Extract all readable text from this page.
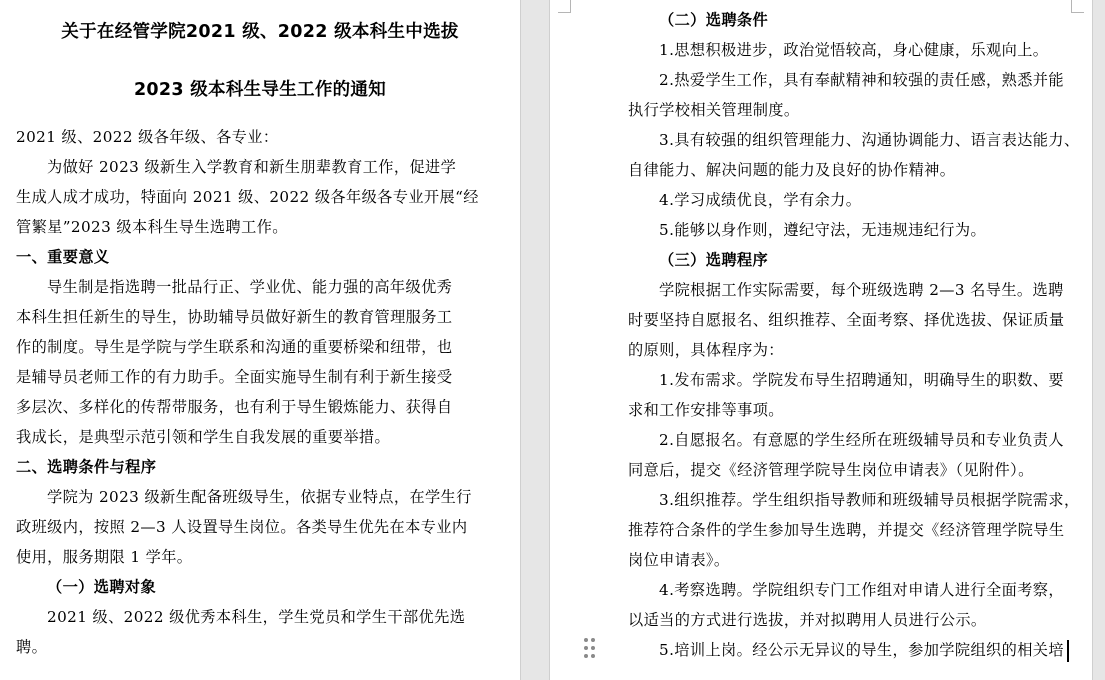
关于在经管学院2021 级、2022 级本科生中选拔
2023 级本科生导生工作的通知
2021 级、2022 级各年级、各专业：
为做好 2023 级新生入学教育和新生朋辈教育工作，促进学
生成人成才成功，特面向 2021 级、2022 级各年级各专业开展“经
管繁星”2023 级本科生导生选聘工作。
一、重要意义
导生制是指选聘一批品行正、学业优、能力强的高年级优秀
本科生担任新生的导生，协助辅导员做好新生的教育管理服务工
作的制度。导生是学院与学生联系和沟通的重要桥梁和纽带，也
是辅导员老师工作的有力助手。全面实施导生制有利于新生接受
多层次、多样化的传帮带服务，也有利于导生锻炼能力、获得自
我成长，是典型示范引领和学生自我发展的重要举措。
二、选聘条件与程序
学院为 2023 级新生配备班级导生，依据专业特点，在学生行
政班级内，按照 2—3 人设置导生岗位。各类导生优先在本专业内
使用，服务期限 1 学年。
（一）选聘对象
2021 级、2022 级优秀本科生，学生党员和学生干部优先选
聘。
（二）选聘条件
1.思想积极进步，政治觉悟较高，身心健康，乐观向上。
2.热爱学生工作，具有奉献精神和较强的责任感，熟悉并能
执行学校相关管理制度。
3.具有较强的组织管理能力、沟通协调能力、语言表达能力、
自律能力、解决问题的能力及良好的协作精神。
4.学习成绩优良，学有余力。
5.能够以身作则，遵纪守法，无违规违纪行为。
（三）选聘程序
学院根据工作实际需要，每个班级选聘 2—3 名导生。选聘
时要坚持自愿报名、组织推荐、全面考察、择优选拔、保证质量
的原则，具体程序为：
1.发布需求。学院发布导生招聘通知，明确导生的职数、要
求和工作安排等事项。
2.自愿报名。有意愿的学生经所在班级辅导员和专业负责人
同意后，提交《经济管理学院导生岗位申请表》（见附件）。
3.组织推荐。学生组织指导教师和班级辅导员根据学院需求，
推荐符合条件的学生参加导生选聘，并提交《经济管理学院导生
岗位申请表》。
4.考察选聘。学院组织专门工作组对申请人进行全面考察，
以适当的方式进行选拔，并对拟聘用人员进行公示。
5.培训上岗。经公示无异议的导生，参加学院组织的相关培
